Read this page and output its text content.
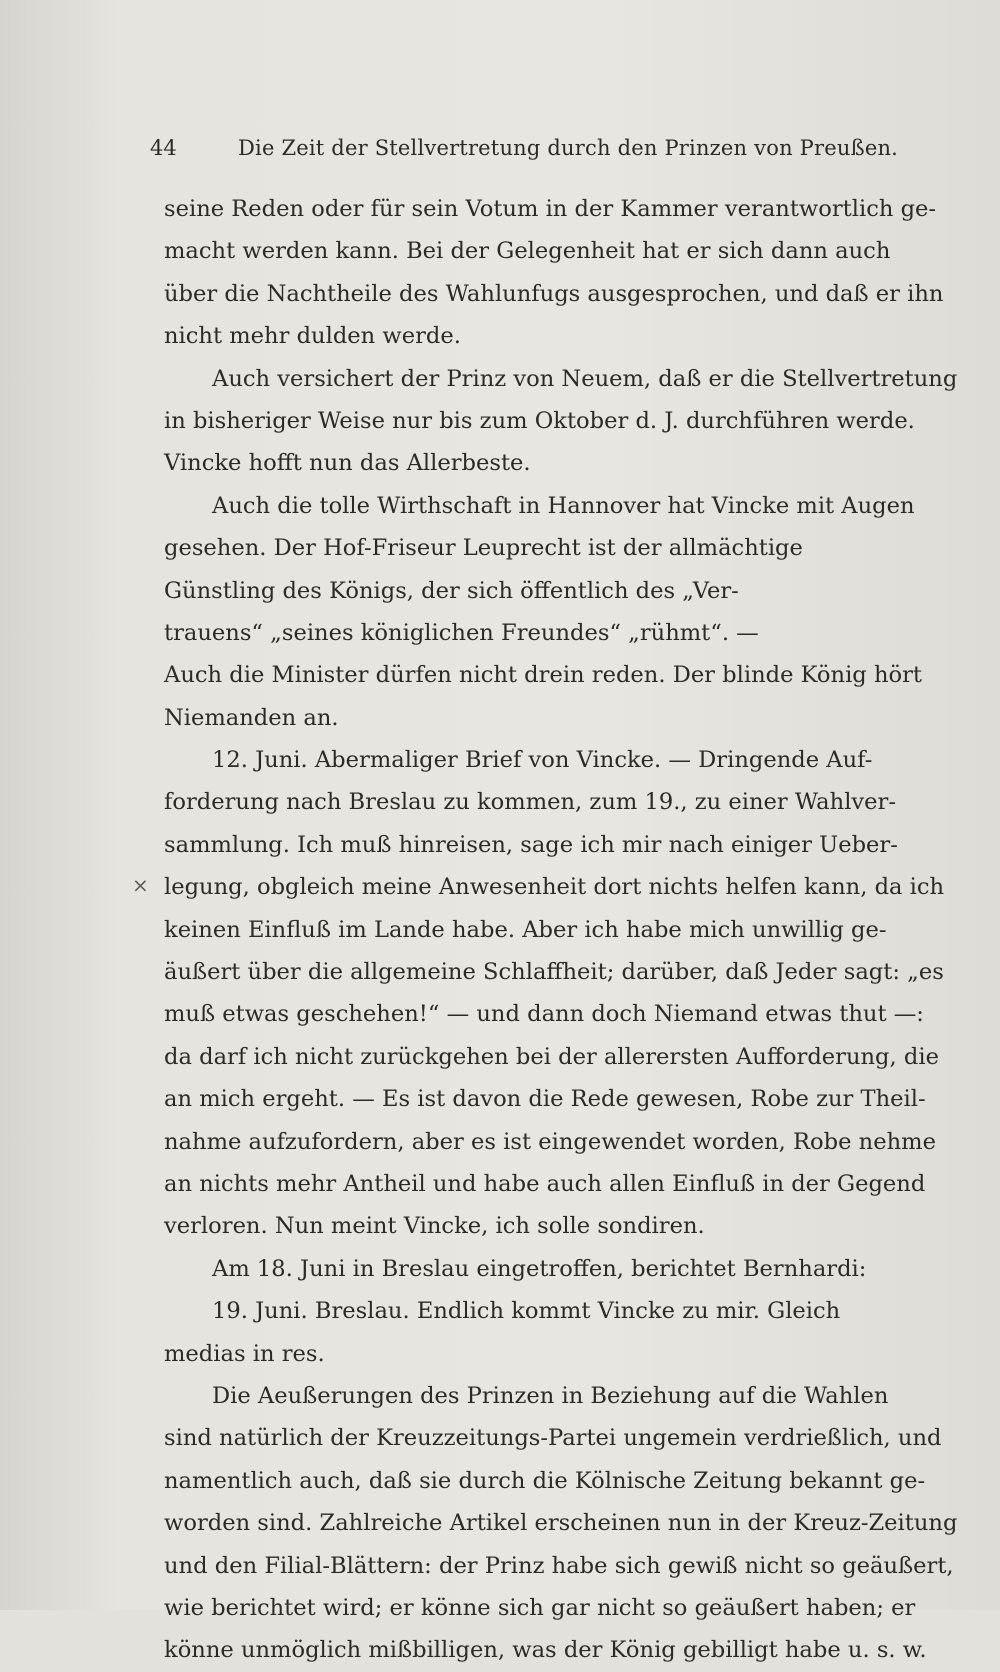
44	Die Zeit der Stellvertretung durch den Prinzen von Preußen.
×
seine Reden oder für sein Votum in der Kammer verantwortlich ge-
macht werden kann. Bei der Gelegenheit hat er sich dann auch
über die Nachtheile des Wahlunfugs ausgesprochen, und daß er ihn
nicht mehr dulden werde.
Auch versichert der Prinz von Neuem, daß er die Stellvertretung
in bisheriger Weise nur bis zum Oktober d. J. durchführen werde.
Vincke hofft nun das Allerbeste.
Auch die tolle Wirthschaft in Hannover hat Vincke mit Augen
gesehen. Der Hof-Friseur Leuprecht ist der allmächtige
Günstling des Königs, der sich öffentlich des „Ver-
trauens“ „seines königlichen Freundes“ „rühmt“. —
Auch die Minister dürfen nicht drein reden. Der blinde König hört
Niemanden an.
12. Juni. Abermaliger Brief von Vincke. — Dringende Auf-
forderung nach Breslau zu kommen, zum 19., zu einer Wahlver-
sammlung. Ich muß hinreisen, sage ich mir nach einiger Ueber-
legung, obgleich meine Anwesenheit dort nichts helfen kann, da ich
keinen Einfluß im Lande habe. Aber ich habe mich unwillig ge-
äußert über die allgemeine Schlaffheit; darüber, daß Jeder sagt: „es
muß etwas geschehen!“ — und dann doch Niemand etwas thut —:
da darf ich nicht zurückgehen bei der allerersten Aufforderung, die
an mich ergeht. — Es ist davon die Rede gewesen, Robe zur Theil-
nahme aufzufordern, aber es ist eingewendet worden, Robe nehme
an nichts mehr Antheil und habe auch allen Einfluß in der Gegend
verloren. Nun meint Vincke, ich solle sondiren.
Am 18. Juni in Breslau eingetroffen, berichtet Bernhardi:
19. Juni. Breslau. Endlich kommt Vincke zu mir. Gleich
medias in res.
Die Aeußerungen des Prinzen in Beziehung auf die Wahlen
sind natürlich der Kreuzzeitungs-Partei ungemein verdrießlich, und
namentlich auch, daß sie durch die Kölnische Zeitung bekannt ge-
worden sind. Zahlreiche Artikel erscheinen nun in der Kreuz-Zeitung
und den Filial-Blättern: der Prinz habe sich gewiß nicht so geäußert,
wie berichtet wird; er könne sich gar nicht so geäußert haben; er
könne unmöglich mißbilligen, was der König gebilligt habe u. s. w.
